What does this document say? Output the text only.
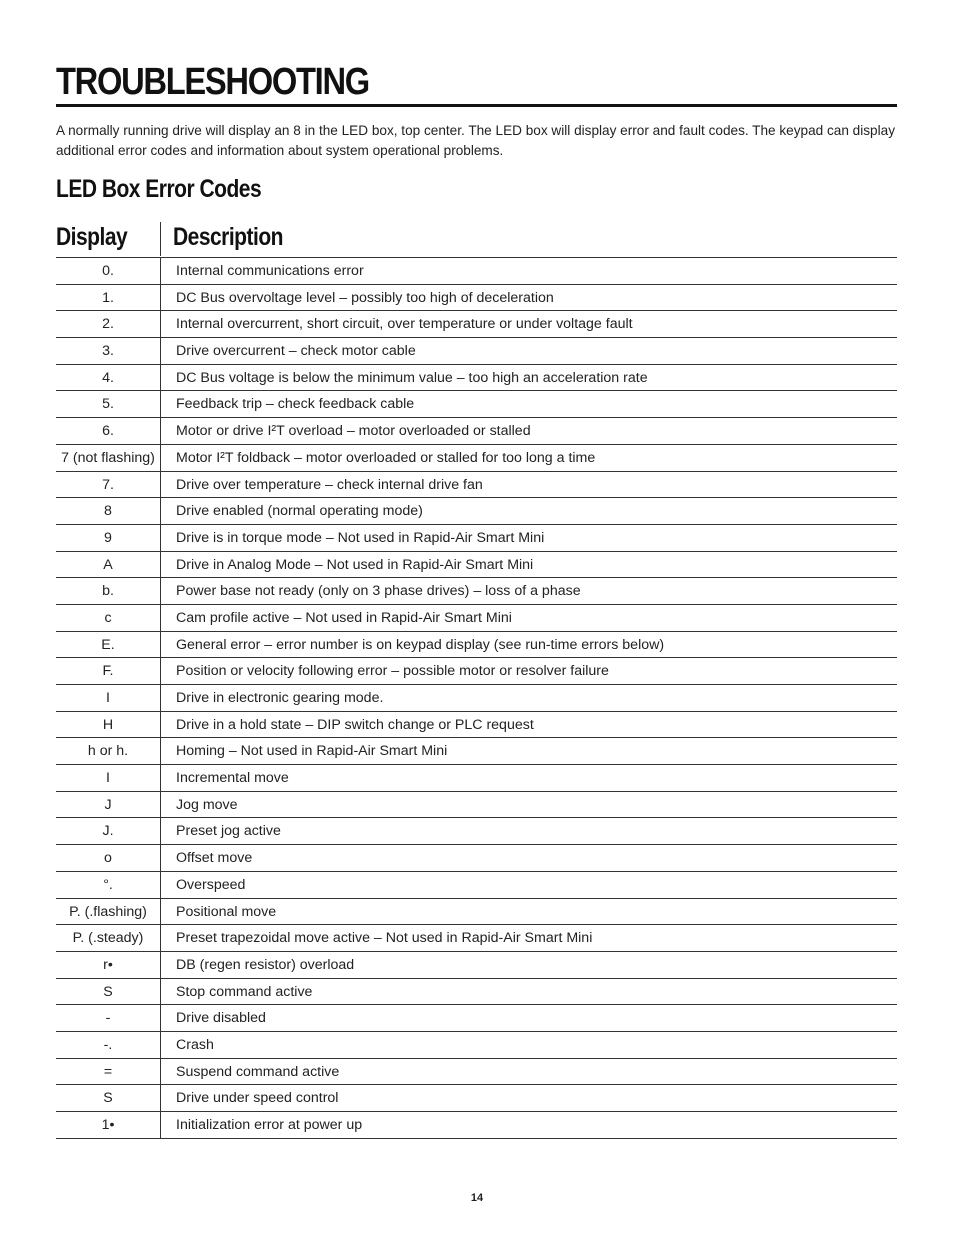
TROUBLESHOOTING

A normally running drive will display an 8 in the LED box, top center. The LED box will display error and fault codes. The keypad can display additional error codes and information about system operational problems.

LED Box Error Codes
Display Description
0.	Internal communications error
1.	DC Bus overvoltage level – possibly too high of deceleration
2.	Internal overcurrent, short circuit, over temperature or under voltage fault
3.	Drive overcurrent – check motor cable
4.	DC Bus voltage is below the minimum value – too high an acceleration rate
5.	Feedback trip – check feedback cable
6.	Motor or drive I²T overload – motor overloaded or stalled
7 (not flashing)	Motor I²T foldback – motor overloaded or stalled for too long a time
7.	Drive over temperature – check internal drive fan
8	Drive enabled (normal operating mode)
9	Drive is in torque mode – Not used in Rapid-Air Smart Mini
A	Drive in Analog Mode – Not used in Rapid-Air Smart Mini
b.	Power base not ready (only on 3 phase drives) – loss of a phase
c	Cam profile active – Not used in Rapid-Air Smart Mini
E.	General error – error number is on keypad display (see run-time errors below)
F.	Position or velocity following error – possible motor or resolver failure
I	Drive in electronic gearing mode.
H	Drive in a hold state – DIP switch change or PLC request
h or h.	Homing – Not used in Rapid-Air Smart Mini
I	Incremental move
J	Jog move
J.	Preset jog active
o	Offset move
°.	Overspeed
P. (.flashing)	Positional move
P. (.steady)	Preset trapezoidal move active – Not used in Rapid-Air Smart Mini
r•	DB (regen resistor) overload
S	Stop command active
-	Drive disabled
-.	Crash
=	Suspend command active
S	Drive under speed control
1•	Initialization error at power up
14
